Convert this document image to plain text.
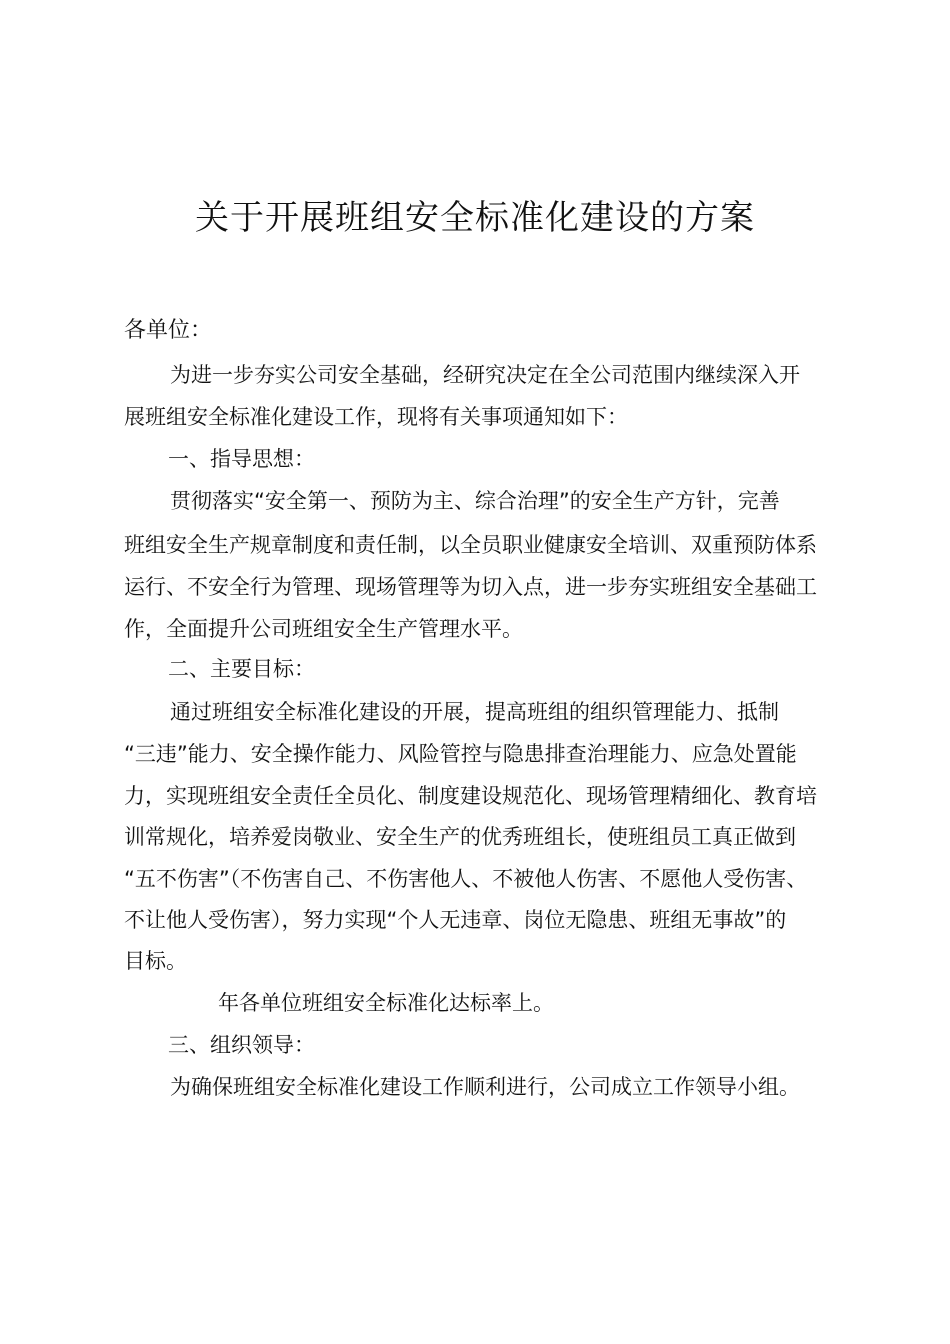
关于开展班组安全标准化建设的方案
各单位：
为进一步夯实公司安全基础，经研究决定在全公司范围内继续深入开
展班组安全标准化建设工作，现将有关事项通知如下：
一、指导思想：
贯彻落实“安全第一、预防为主、综合治理”的安全生产方针，完善
班组安全生产规章制度和责任制，以全员职业健康安全培训、双重预防体系
运行、不安全行为管理、现场管理等为切入点，进一步夯实班组安全基础工
作，全面提升公司班组安全生产管理水平。
二、主要目标：
通过班组安全标准化建设的开展，提高班组的组织管理能力、抵制
“三违”能力、安全操作能力、风险管控与隐患排查治理能力、应急处置能
力，实现班组安全责任全员化、制度建设规范化、现场管理精细化、教育培
训常规化，培养爱岗敬业、安全生产的优秀班组长，使班组员工真正做到
“五不伤害”（不伤害自己、不伤害他人、不被他人伤害、不愿他人受伤害、
不让他人受伤害），努力实现“个人无违章、岗位无隐患、班组无事故”的
目标。
年各单位班组安全标准化达标率上。
三、组织领导：
为确保班组安全标准化建设工作顺利进行，公司成立工作领导小组。
